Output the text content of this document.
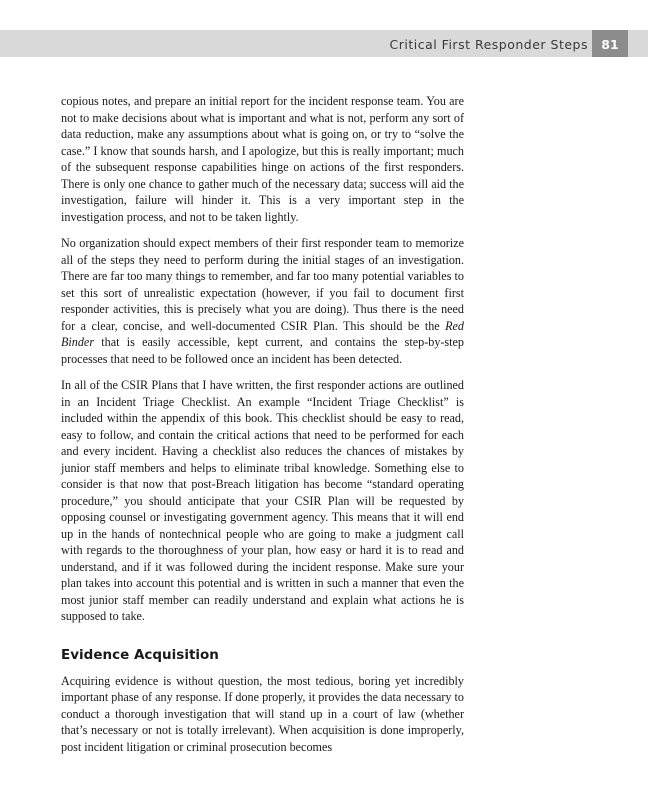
Critical First Responder Steps	81

copious notes, and prepare an initial report for the incident response team. You are not to make decisions about what is important and what is not, perform any sort of data reduction, make any assumptions about what is going on, or try to “solve the case.” I know that sounds harsh, and I apologize, but this is really important; much of the subsequent response capabilities hinge on actions of the first responders. There is only one chance to gather much of the necessary data; success will aid the investigation, failure will hinder it. This is a very important step in the investigation process, and not to be taken lightly.

No organization should expect members of their first responder team to memorize all of the steps they need to perform during the initial stages of an investigation. There are far too many things to remember, and far too many potential variables to set this sort of unrealistic expectation (however, if you fail to document first responder activities, this is precisely what you are doing). Thus there is the need for a clear, concise, and well-documented CSIR Plan. This should be the Red Binder that is easily accessible, kept current, and contains the step-by-step processes that need to be followed once an incident has been detected.

In all of the CSIR Plans that I have written, the first responder actions are outlined in an Incident Triage Checklist. An example “Incident Triage Checklist” is included within the appendix of this book. This checklist should be easy to read, easy to follow, and contain the critical actions that need to be performed for each and every incident. Having a checklist also reduces the chances of mistakes by junior staff members and helps to eliminate tribal knowledge. Something else to consider is that now that post-Breach litigation has become “standard operating procedure,” you should anticipate that your CSIR Plan will be requested by opposing counsel or investigating government agency. This means that it will end up in the hands of nontechnical people who are going to make a judgment call with regards to the thoroughness of your plan, how easy or hard it is to read and understand, and if it was followed during the incident response. Make sure your plan takes into account this potential and is written in such a manner that even the most junior staff member can readily understand and explain what actions he is supposed to take.

Evidence Acquisition

Acquiring evidence is without question, the most tedious, boring yet incredibly important phase of any response. If done properly, it provides the data necessary to conduct a thorough investigation that will stand up in a court of law (whether that’s necessary or not is totally irrelevant). When acquisition is done improperly, post incident litigation or criminal prosecution becomes
